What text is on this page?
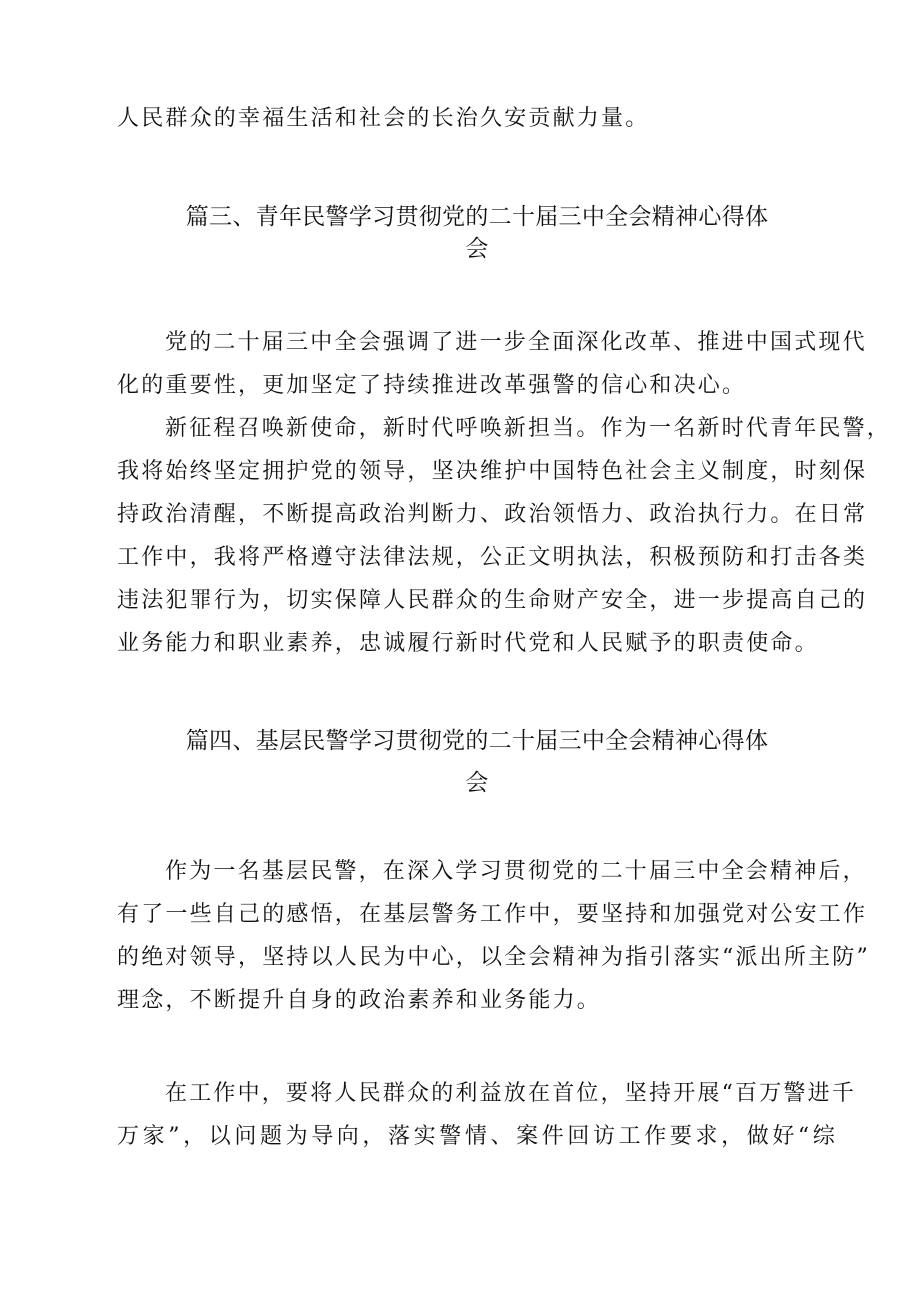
人民群众的幸福生活和社会的长治久安贡献力量。
篇三、青年民警学习贯彻党的二十届三中全会精神心得体
会
党的二十届三中全会强调了进一步全面深化改革、推进中国式现代
化的重要性，更加坚定了持续推进改革强警的信心和决心。
新征程召唤新使命，新时代呼唤新担当。作为一名新时代青年民警，
我将始终坚定拥护党的领导，坚决维护中国特色社会主义制度，时刻保
持政治清醒，不断提高政治判断力、政治领悟力、政治执行力。在日常
工作中，我将严格遵守法律法规，公正文明执法，积极预防和打击各类
违法犯罪行为，切实保障人民群众的生命财产安全，进一步提高自己的
业务能力和职业素养，忠诚履行新时代党和人民赋予的职责使命。
篇四、基层民警学习贯彻党的二十届三中全会精神心得体
会
作为一名基层民警，在深入学习贯彻党的二十届三中全会精神后，
有了一些自己的感悟，在基层警务工作中，要坚持和加强党对公安工作
的绝对领导，坚持以人民为中心，以全会精神为指引落实“派出所主防”
理念，不断提升自身的政治素养和业务能力。
在工作中，要将人民群众的利益放在首位，坚持开展“百万警进千
万家”，以问题为导向，落实警情、案件回访工作要求，做好“综
